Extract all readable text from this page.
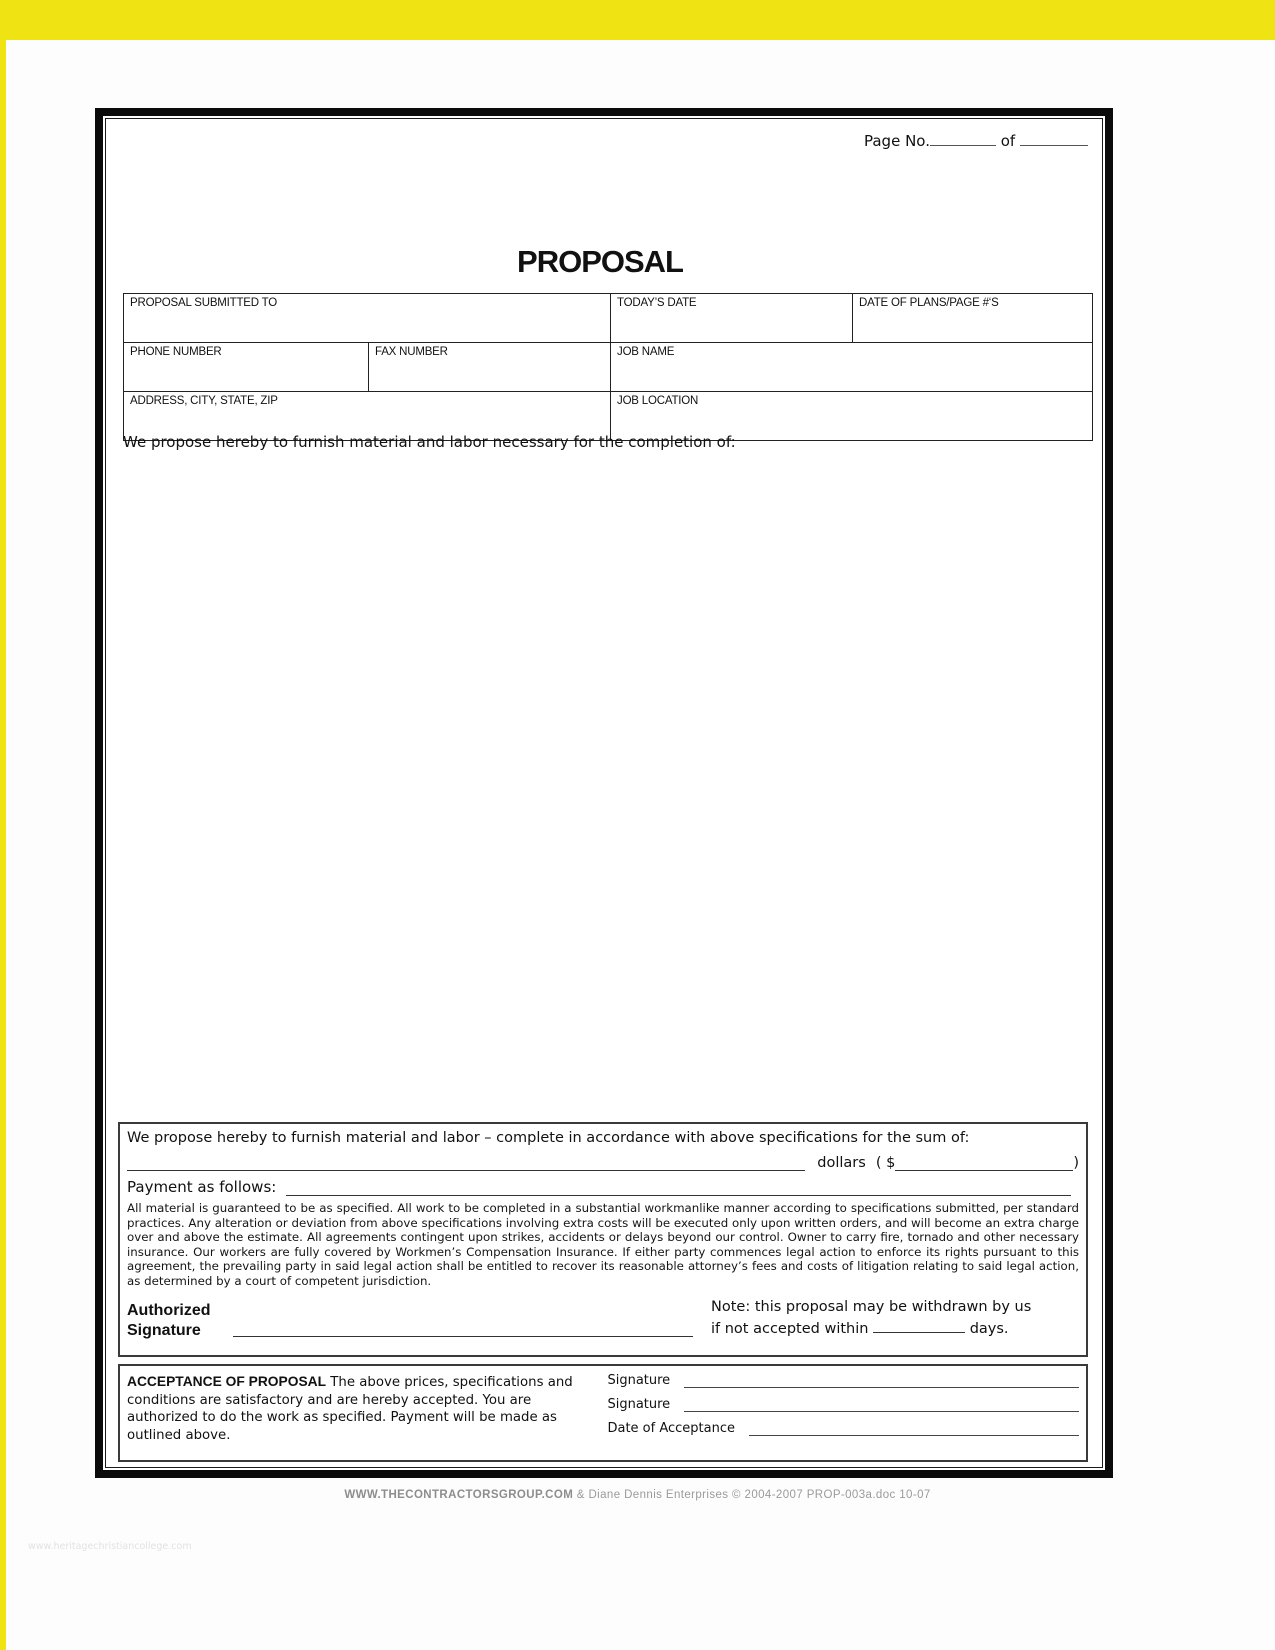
Page No.	of
PROPOSAL
PROPOSAL SUBMITTED TO		TODAY’S DATE	DATE OF PLANS/PAGE #‘S
PHONE NUMBER	FAX NUMBER	JOB NAME	
ADDRESS, CITY, STATE, ZIP		JOB LOCATION	
We propose hereby to furnish material and labor necessary for the completion of:
We propose hereby to furnish material and labor – complete in accordance with above specifications for the sum of:
dollars ( $	)
Payment as follows:
All material is guaranteed to be as specified. All work to be completed in a substantial workmanlike manner according to specifications submitted, per standard practices. Any alteration or deviation from above specifications involving extra costs will be executed only upon written orders, and will become an extra charge over and above the estimate. All agreements contingent upon strikes, accidents or delays beyond our control. Owner to carry fire, tornado and other necessary insurance. Our workers are fully covered by Workmen’s Compensation Insurance. If either party commences legal action to enforce its rights pursuant to this agreement, the prevailing party in said legal action shall be entitled to recover its reasonable attorney’s fees and costs of litigation relating to said legal action, as determined by a court of competent jurisdiction.
Authorized
Signature
Note: this proposal may be withdrawn by us
if not accepted within	days.
ACCEPTANCE OF PROPOSAL The above prices, specifications and conditions are satisfactory and are hereby accepted. You are authorized to do the work as specified. Payment will be made as outlined above.
Signature
Signature
Date of Acceptance
WWW.THECONTRACTORSGROUP.COM & Diane Dennis Enterprises © 2004-2007 PROP-003a.doc 10-07
www.heritagechristiancollege.com
